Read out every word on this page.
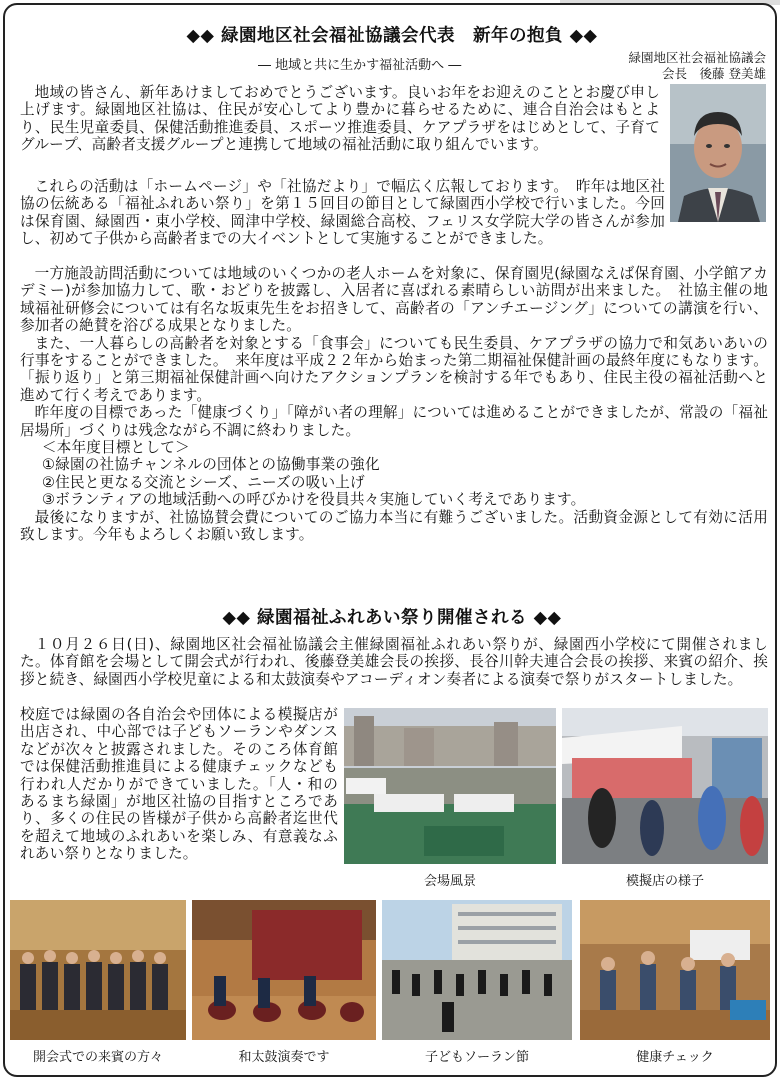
◆◆ 緑園地区社会福祉協議会代表　新年の抱負 ◆◆
― 地域と共に生かす福祉活動へ ―
緑園地区社会福祉協議会
会長　後藤 登美雄

地域の皆さん、新年あけましておめでとうございます。良いお年をお迎えのこととお慶び申し上げます。緑園地区社協は、住民が安心してより豊かに暮らせるために、連合自治会はもとより、民生児童委員、保健活動推進委員、スポーツ推進委員、ケアプラザをはじめとして、子育てグループ、高齢者支援グループと連携して地域の福祉活動に取り組んでいます。

これらの活動は「ホームページ」や「社協だより」で幅広く広報しております。　昨年は地区社協の伝統ある「福祉ふれあい祭り」を第１５回目の節目として緑園西小学校で行いました。今回は保育園、緑園西・東小学校、岡津中学校、緑園総合高校、フェリス女学院大学の皆さんが参加し、初めて子供から高齢者までの大イベントとして実施することができました。

一方施設訪問活動については地域のいくつかの老人ホームを対象に、保育園児(緑園なえば保育園、小学館アカデミー)が参加協力して、歌・おどりを披露し、入居者に喜ばれる素晴らしい訪問が出来ました。　社協主催の地域福祉研修会については有名な坂東先生をお招きして、高齢者の「アンチエージング」についての講演を行い、参加者の絶賛を浴びる成果となりました。

また、一人暮らしの高齢者を対象とする「食事会」についても民生委員、ケアプラザの協力で和気あいあいの行事をすることができました。　来年度は平成２２年から始まった第二期福祉保健計画の最終年度にもなります。「振り返り」と第三期福祉保健計画へ向けたアクションプランを検討する年でもあり、住民主役の福祉活動へと進めて行く考えであります。

昨年度の目標であった「健康づくり」「障がい者の理解」については進めることができましたが、常設の「福祉居場所」づくりは残念ながら不調に終わりました。

＜本年度目標として＞

①緑園の社協チャンネルの団体との協働事業の強化

②住民と更なる交流とシーズ、ニーズの吸い上げ

③ボランティアの地域活動への呼びかけを役員共々実施していく考えであります。

最後になりますが、社協協賛会費についてのご協力本当に有難うございました。活動資金源として有効に活用致します。今年もよろしくお願い致します。

◆◆ 緑園福祉ふれあい祭り開催される ◆◆

１０月２６日(日)、緑園地区社会福祉協議会主催緑園福祉ふれあい祭りが、緑園西小学校にて開催されました。体育館を会場として開会式が行われ、後藤登美雄会長の挨拶、長谷川幹夫連合会長の挨拶、来賓の紹介、挨拶と続き、緑園西小学校児童による和太鼓演奏やアコーディオン奏者による演奏で祭りがスタートしました。

校庭では緑園の各自治会や団体による模擬店が出店され、中心部では子どもソーランやダンスなどが次々と披露されました。そのころ体育館では保健活動推進員による健康チェックなども行われ人だかりができていました。「人・和のあるまち緑園」が地区社協の目指すところであり、多くの住民の皆様が子供から高齢者迄世代を超えて地域のふれあいを楽しみ、有意義なふれあい祭りとなりました。

会場風景	模擬店の様子
開会式での来賓の方々	和太鼓演奏です	子どもソーラン節	健康チェック
